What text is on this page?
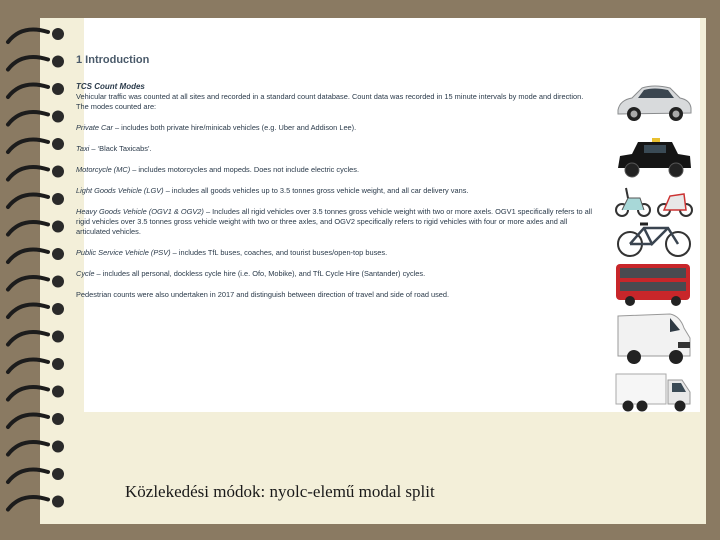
1 Introduction
TCS Count Modes
Vehicular traffic was counted at all sites and recorded in a standard count database. Count data was recorded in 15 minute intervals by mode and direction. The modes counted are:
Private Car – includes both private hire/minicab vehicles (e.g. Uber and Addison Lee).
Taxi – ‘Black Taxicabs’.
Motorcycle (MC) – includes motorcycles and mopeds. Does not include electric cycles.
Light Goods Vehicle (LGV) – includes all goods vehicles up to 3.5 tonnes gross vehicle weight, and all car delivery vans.
Heavy Goods Vehicle (OGV1 & OGV2) – Includes all rigid vehicles over 3.5 tonnes gross vehicle weight with two or more axels. OGV1 specifically refers to all rigid vehicles over 3.5 tonnes gross vehicle weight with two or three axles, and OGV2 specifically refers to rigid vehicles with four or more axles and all articulated vehicles.
Public Service Vehicle (PSV) – includes TfL buses, coaches, and tourist buses/open-top buses.
Cycle – includes all personal, dockless cycle hire (i.e. Ofo, Mobike), and TfL Cycle Hire (Santander) cycles.
Pedestrian counts were also undertaken in 2017 and distinguish between direction of travel and side of road used.
Közlekedési módok: nyolc-elemű modal split
